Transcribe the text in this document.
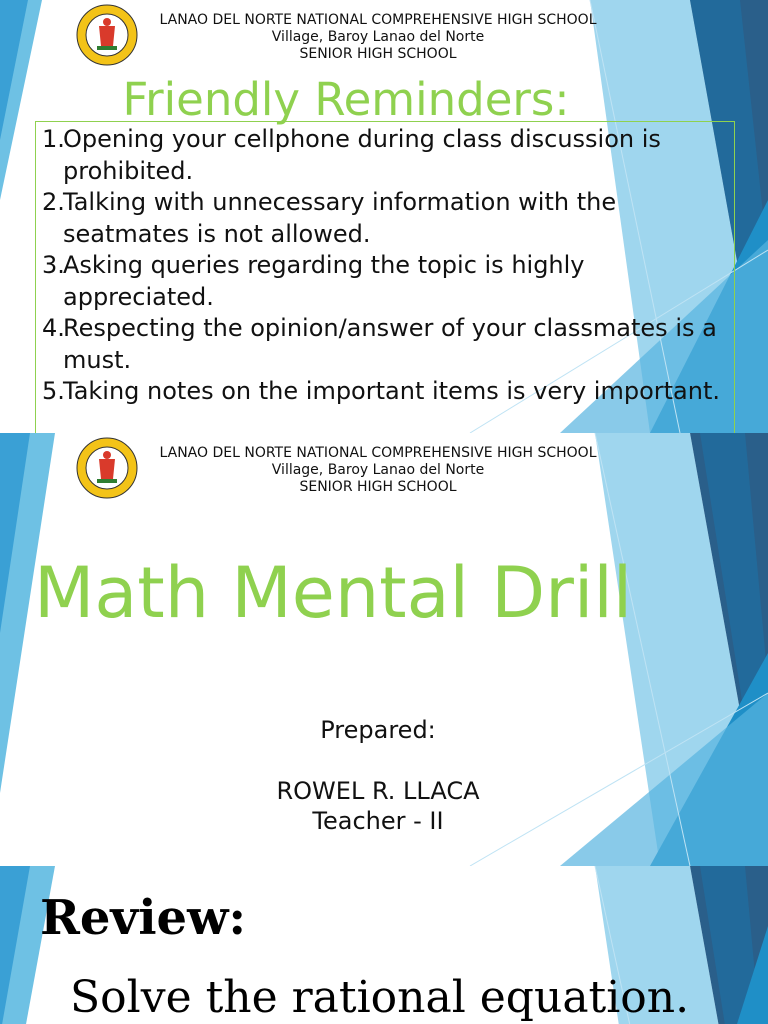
LANAO DEL NORTE NATIONAL COMPREHENSIVE HIGH SCHOOL
Village, Baroy Lanao del Norte
SENIOR HIGH SCHOOL
Friendly Reminders:
1.
Opening your cellphone during class discussion is prohibited.
2.
Talking with unnecessary information with the seatmates is not allowed.
3.
Asking queries regarding the topic is highly appreciated.
4.
Respecting the opinion/answer of your classmates is a must.
5.
Taking notes on the important items is very important.
LANAO DEL NORTE NATIONAL COMPREHENSIVE HIGH SCHOOL
Village, Baroy Lanao del Norte
SENIOR HIGH SCHOOL
Math Mental Drill
Prepared:
ROWEL R. LLACA
Teacher - II
Review:
Solve the rational equation.
